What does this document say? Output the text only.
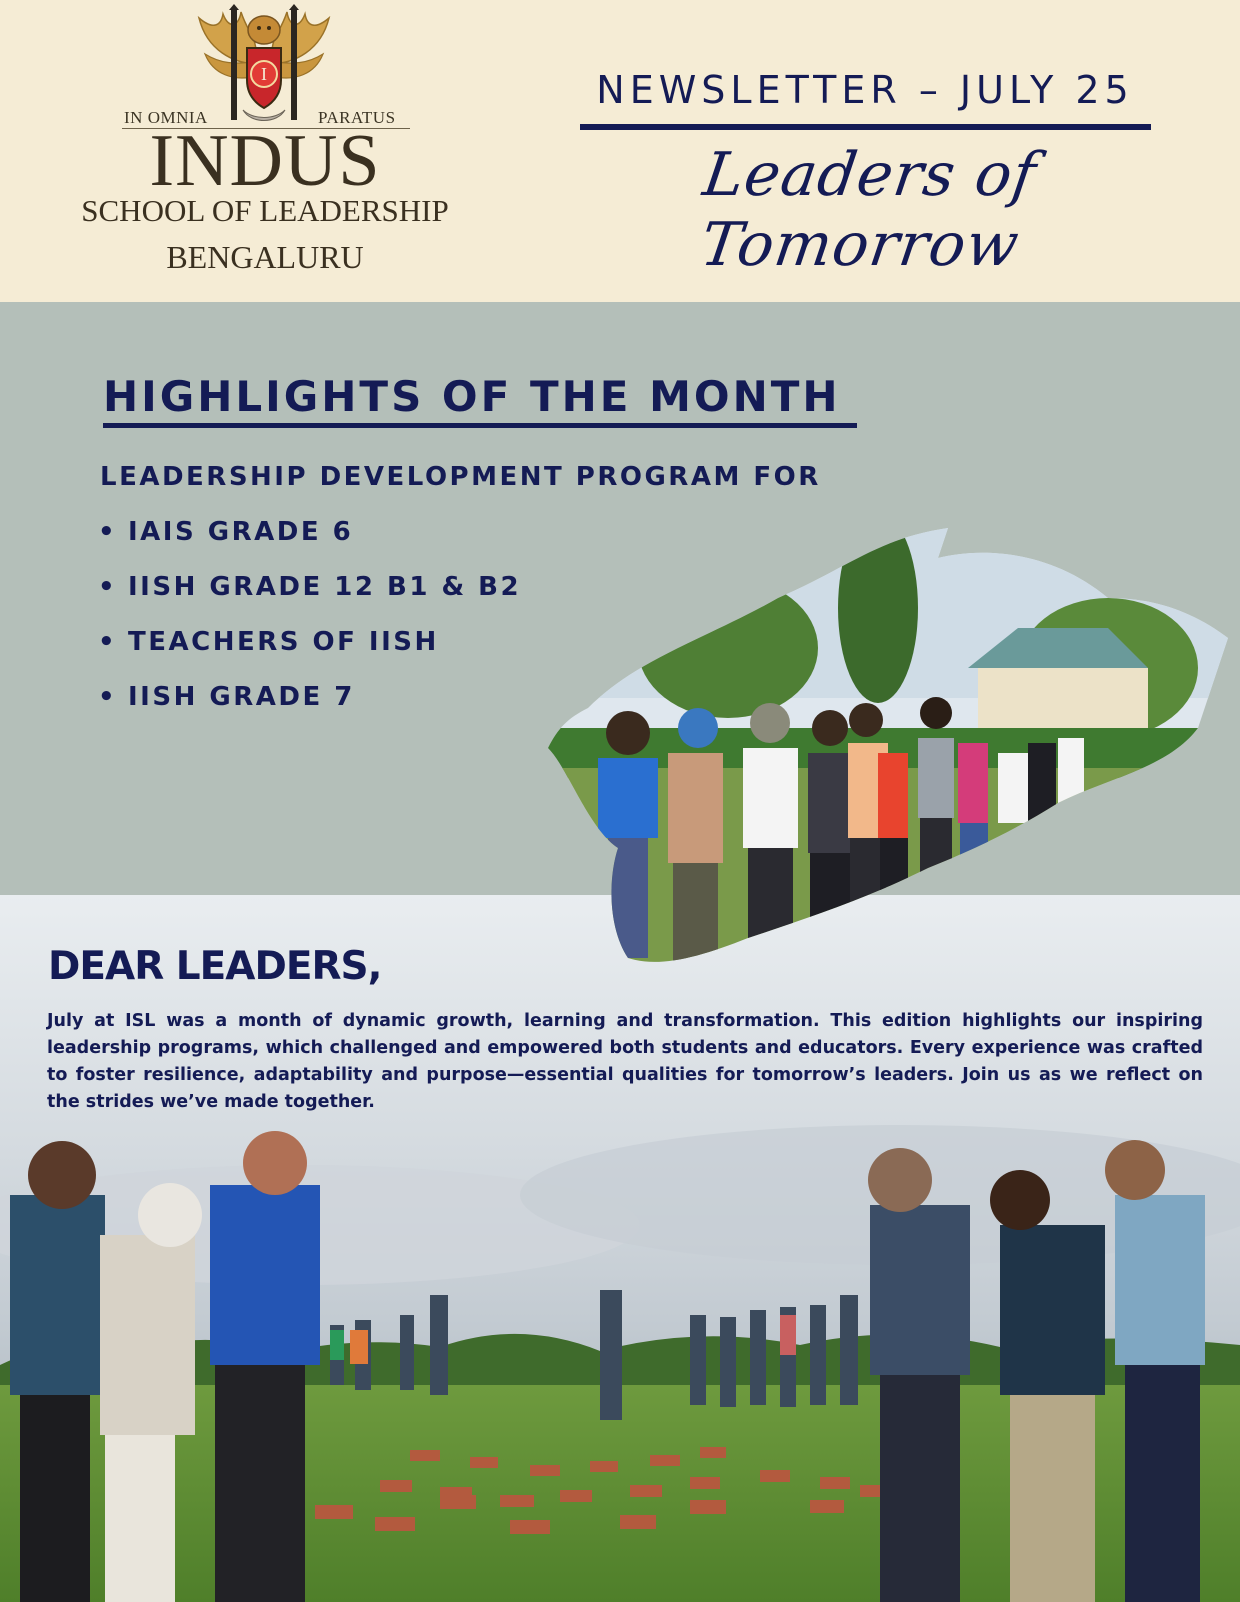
I
IN OMNIA	PARATUS
INDUS
SCHOOL OF LEADERSHIP
BENGALURU
NEWSLETTER – JULY 25
Leaders of Tomorrow
HIGHLIGHTS OF THE MONTH
LEADERSHIP DEVELOPMENT PROGRAM FOR
• IAIS GRADE 6
• IISH GRADE 12 B1 & B2
• TEACHERS OF IISH
• IISH GRADE 7
DEAR LEADERS,
July at ISL was a month of dynamic growth, learning and transformation. This edition highlights our inspiring leadership programs, which challenged and empowered both students and educators. Every experience was crafted to foster resilience, adaptability and purpose—essential qualities for tomorrow’s leaders. Join us as we reflect on the strides we’ve made together.
